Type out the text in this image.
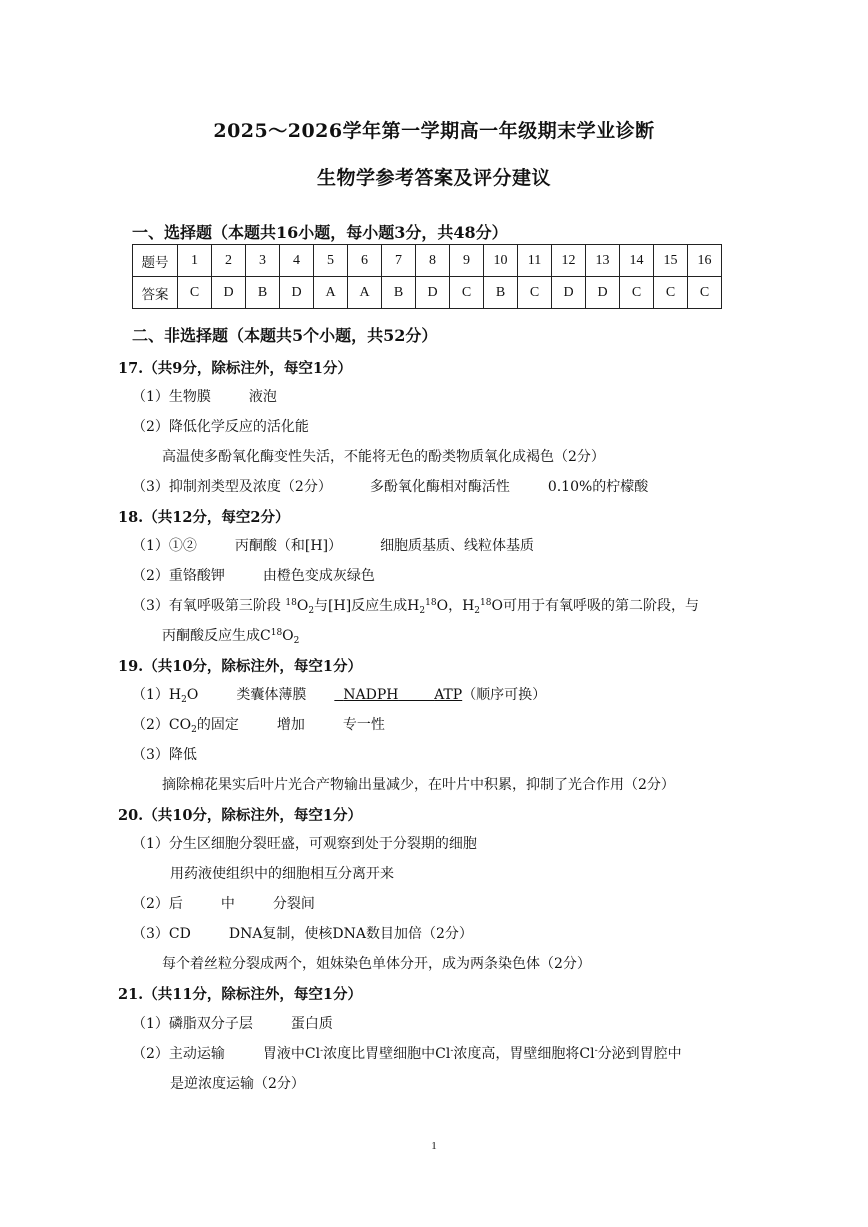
2025～2026学年第一学期高一年级期末学业诊断
生物学参考答案及评分建议
一、选择题（本题共16小题，每小题3分，共48分）
题号	1	2	3	4	5	6	7	8	9	10	11	12	13	14	15	16
答案	C	D	B	D	A	A	B	D	C	B	C	D	D	C	C	C
二、非选择题（本题共5个小题，共52分）
17.（共9分，除标注外，每空1分）
（1）生物膜	液泡
（2）降低化学反应的活化能
高温使多酚氧化酶变性失活，不能将无色的酚类物质氧化成褐色（2分）
（3）抑制剂类型及浓度（2分）	多酚氧化酶相对酶活性	0.10%的柠檬酸
18.（共12分，每空2分）
（1）①②	丙酮酸（和[H]）	细胞质基质、线粒体基质
（2）重铬酸钾	由橙色变成灰绿色
（3）有氧呼吸第三阶段 $^{18}O_2$与[H]反应生成$H_2^{18}O$，$H_2^{18}O$可用于有氧呼吸的第二阶段，与
丙酮酸反应生成$C^{18}O_2$
19.（共10分，除标注外，每空1分）
$(1)H_2O$	类囊体薄膜	NADPH	ATP（顺序可换）
$(2)CO_2$的固定	增加	专一性
（3）降低
摘除棉花果实后叶片光合产物输出量减少，在叶片中积累，抑制了光合作用（2分）
20.（共10分，除标注外，每空1分）
（1）分生区细胞分裂旺盛，可观察到处于分裂期的细胞
用药液使组织中的细胞相互分离开来
（2）后	中	分裂间
（3）CD	DNA复制，使核DNA数目加倍（2分）
每个着丝粒分裂成两个，姐妹染色单体分开，成为两条染色体（2分）
21.（共11分，除标注外，每空1分）
（1）磷脂双分子层	蛋白质
（2）主动运输	胃液中Cl-浓度比胃壁细胞中Cl-浓度高，胃壁细胞将Cl-分泌到胃腔中
是逆浓度运输（2分）
1
